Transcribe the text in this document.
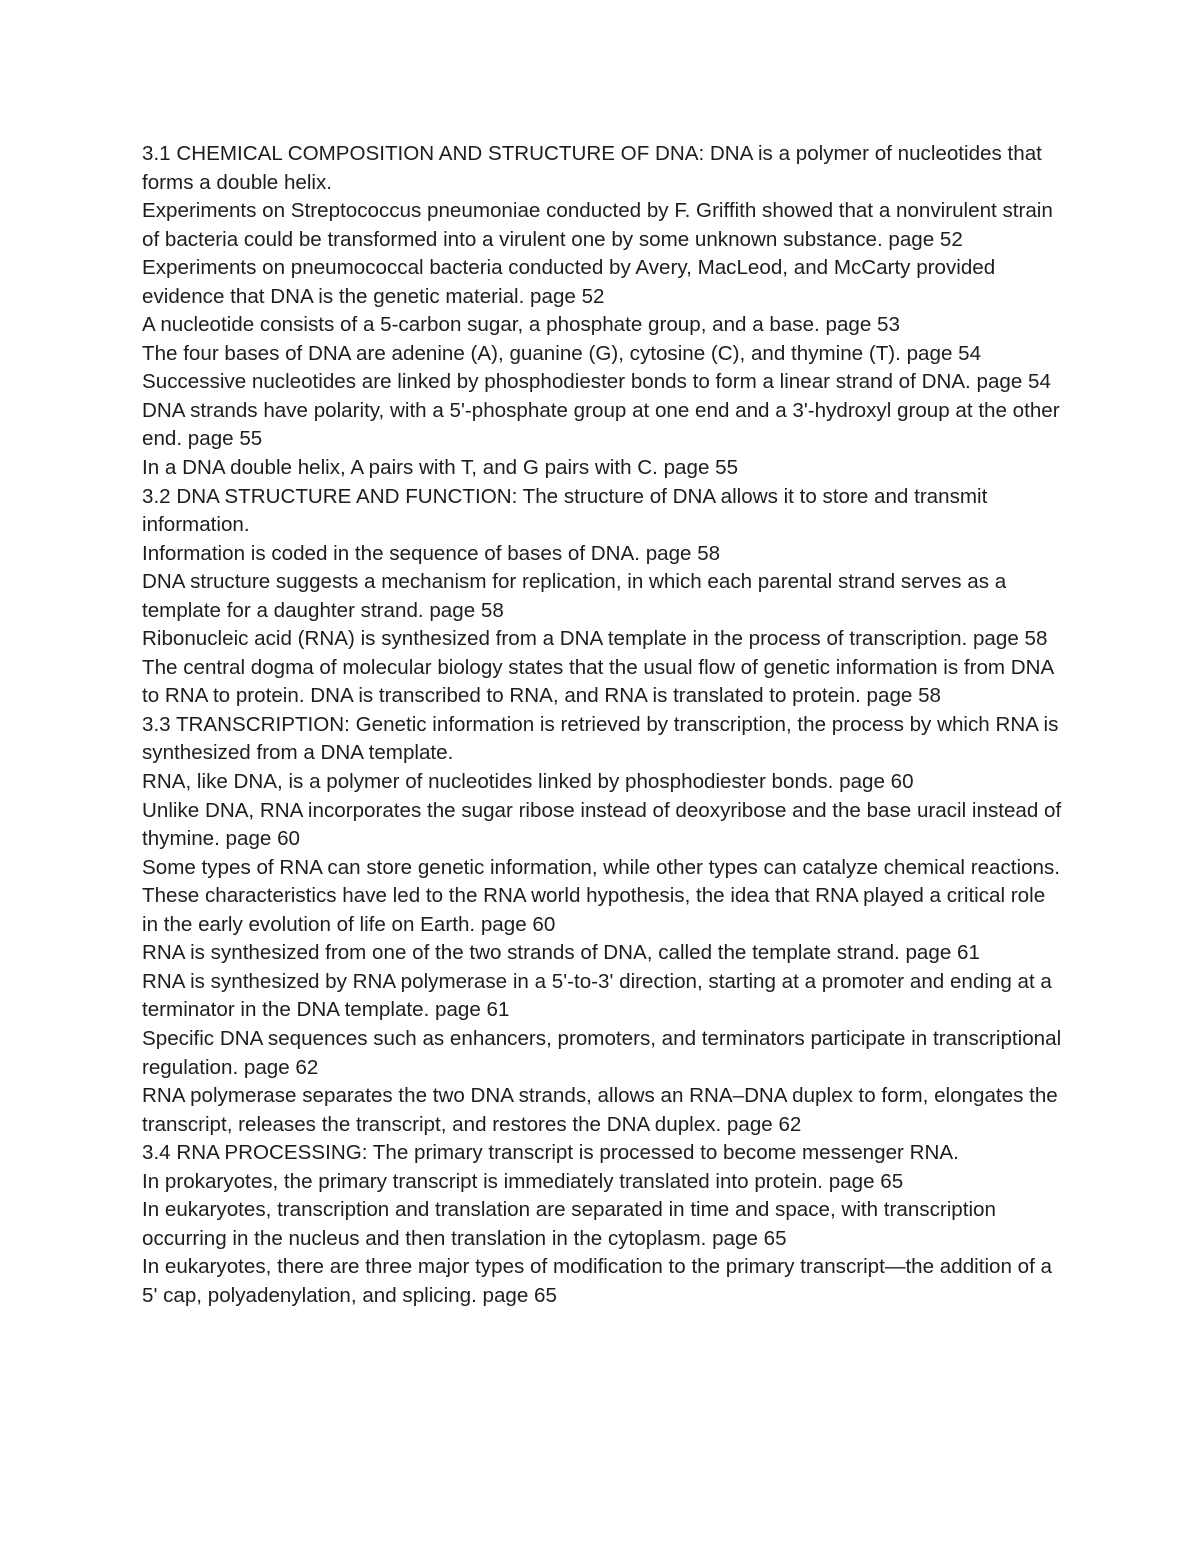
3.1 CHEMICAL COMPOSITION AND STRUCTURE OF DNA: DNA is a polymer of nucleotides that forms a double helix.

Experiments on Streptococcus pneumoniae conducted by F. Griffith showed that a nonvirulent strain of bacteria could be transformed into a virulent one by some unknown substance. page 52

Experiments on pneumococcal bacteria conducted by Avery, MacLeod, and McCarty provided evidence that DNA is the genetic material. page 52

A nucleotide consists of a 5-carbon sugar, a phosphate group, and a base. page 53

The four bases of DNA are adenine (A), guanine (G), cytosine (C), and thymine (T). page 54

Successive nucleotides are linked by phosphodiester bonds to form a linear strand of DNA. page 54

DNA strands have polarity, with a 5'-phosphate group at one end and a 3'-hydroxyl group at the other end. page 55

In a DNA double helix, A pairs with T, and G pairs with C. page 55

3.2 DNA STRUCTURE AND FUNCTION: The structure of DNA allows it to store and transmit information.

Information is coded in the sequence of bases of DNA. page 58

DNA structure suggests a mechanism for replication, in which each parental strand serves as a template for a daughter strand. page 58

Ribonucleic acid (RNA) is synthesized from a DNA template in the process of transcription. page 58

The central dogma of molecular biology states that the usual flow of genetic information is from DNA to RNA to protein. DNA is transcribed to RNA, and RNA is translated to protein. page 58

3.3 TRANSCRIPTION: Genetic information is retrieved by transcription, the process by which RNA is synthesized from a DNA template.

RNA, like DNA, is a polymer of nucleotides linked by phosphodiester bonds. page 60

Unlike DNA, RNA incorporates the sugar ribose instead of deoxyribose and the base uracil instead of thymine. page 60

Some types of RNA can store genetic information, while other types can catalyze chemical reactions. These characteristics have led to the RNA world hypothesis, the idea that RNA played a critical role in the early evolution of life on Earth. page 60

RNA is synthesized from one of the two strands of DNA, called the template strand. page 61

RNA is synthesized by RNA polymerase in a 5'-to-3' direction, starting at a promoter and ending at a terminator in the DNA template. page 61

Specific DNA sequences such as enhancers, promoters, and terminators participate in transcriptional regulation. page 62

RNA polymerase separates the two DNA strands, allows an RNA–DNA duplex to form, elongates the transcript, releases the transcript, and restores the DNA duplex. page 62

3.4 RNA PROCESSING: The primary transcript is processed to become messenger RNA.

In prokaryotes, the primary transcript is immediately translated into protein. page 65

In eukaryotes, transcription and translation are separated in time and space, with transcription occurring in the nucleus and then translation in the cytoplasm. page 65

In eukaryotes, there are three major types of modification to the primary transcript—the addition of a 5' cap, polyadenylation, and splicing. page 65
